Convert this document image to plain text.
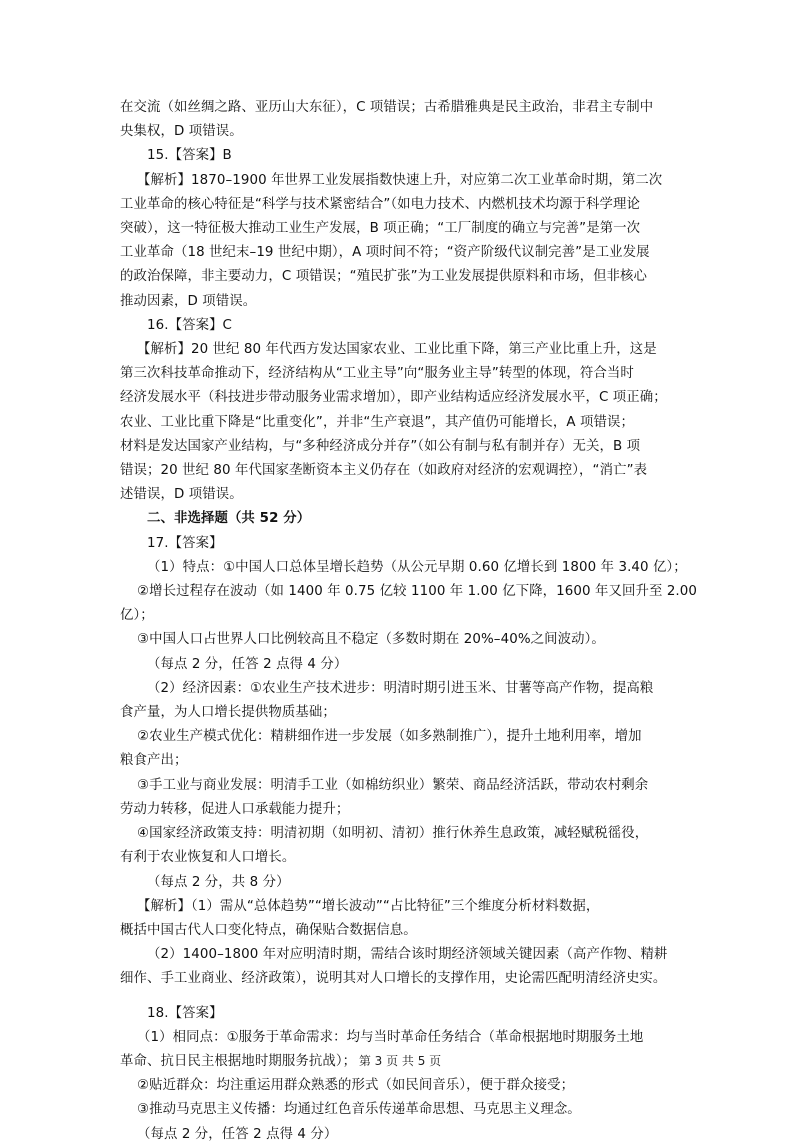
在交流（如丝绸之路、亚历山大东征），C 项错误；古希腊雅典是民主政治，非君主专制中
央集权，D 项错误。
15.【答案】B
【解析】1870–1900 年世界工业发展指数快速上升，对应第二次工业革命时期，第二次
工业革命的核心特征是“科学与技术紧密结合”（如电力技术、内燃机技术均源于科学理论
突破），这一特征极大推动工业生产发展，B 项正确；“工厂制度的确立与完善”是第一次
工业革命（18 世纪末–19 世纪中期），A 项时间不符；“资产阶级代议制完善”是工业发展
的政治保障，非主要动力，C 项错误；“殖民扩张”为工业发展提供原料和市场，但非核心
推动因素，D 项错误。
16.【答案】C
【解析】20 世纪 80 年代西方发达国家农业、工业比重下降，第三产业比重上升，这是
第三次科技革命推动下，经济结构从“工业主导”向“服务业主导”转型的体现，符合当时
经济发展水平（科技进步带动服务业需求增加），即产业结构适应经济发展水平，C 项正确；
农业、工业比重下降是“比重变化”，并非“生产衰退”，其产值仍可能增长，A 项错误；
材料是发达国家产业结构，与“多种经济成分并存”（如公有制与私有制并存）无关，B 项
错误；20 世纪 80 年代国家垄断资本主义仍存在（如政府对经济的宏观调控），“消亡”表
述错误，D 项错误。
二、非选择题（共 52 分）
17.【答案】
（1）特点：①中国人口总体呈增长趋势（从公元早期 0.60 亿增长到 1800 年 3.40 亿）；
②增长过程存在波动（如 1400 年 0.75 亿较 1100 年 1.00 亿下降，1600 年又回升至 2.00
亿）；
③中国人口占世界人口比例较高且不稳定（多数时期在 20%–40%之间波动）。
（每点 2 分，任答 2 点得 4 分）
（2）经济因素：①农业生产技术进步：明清时期引进玉米、甘薯等高产作物，提高粮
食产量，为人口增长提供物质基础；
②农业生产模式优化：精耕细作进一步发展（如多熟制推广），提升土地利用率，增加
粮食产出；
③手工业与商业发展：明清手工业（如棉纺织业）繁荣、商品经济活跃，带动农村剩余
劳动力转移，促进人口承载能力提升；
④国家经济政策支持：明清初期（如明初、清初）推行休养生息政策，减轻赋税徭役，
有利于农业恢复和人口增长。
（每点 2 分，共 8 分）
【解析】（1）需从“总体趋势”“增长波动”“占比特征”三个维度分析材料数据，
概括中国古代人口变化特点，确保贴合数据信息。
（2）1400–1800 年对应明清时期，需结合该时期经济领域关键因素（高产作物、精耕
细作、手工业商业、经济政策），说明其对人口增长的支撑作用，史论需匹配明清经济史实。
18.【答案】
（1）相同点：①服务于革命需求：均与当时革命任务结合（革命根据地时期服务土地
革命、抗日民主根据地时期服务抗战）；
②贴近群众：均注重运用群众熟悉的形式（如民间音乐），便于群众接受；
③推动马克思主义传播：均通过红色音乐传递革命思想、马克思主义理念。
（每点 2 分，任答 2 点得 4 分）
第 3 页 共 5 页
